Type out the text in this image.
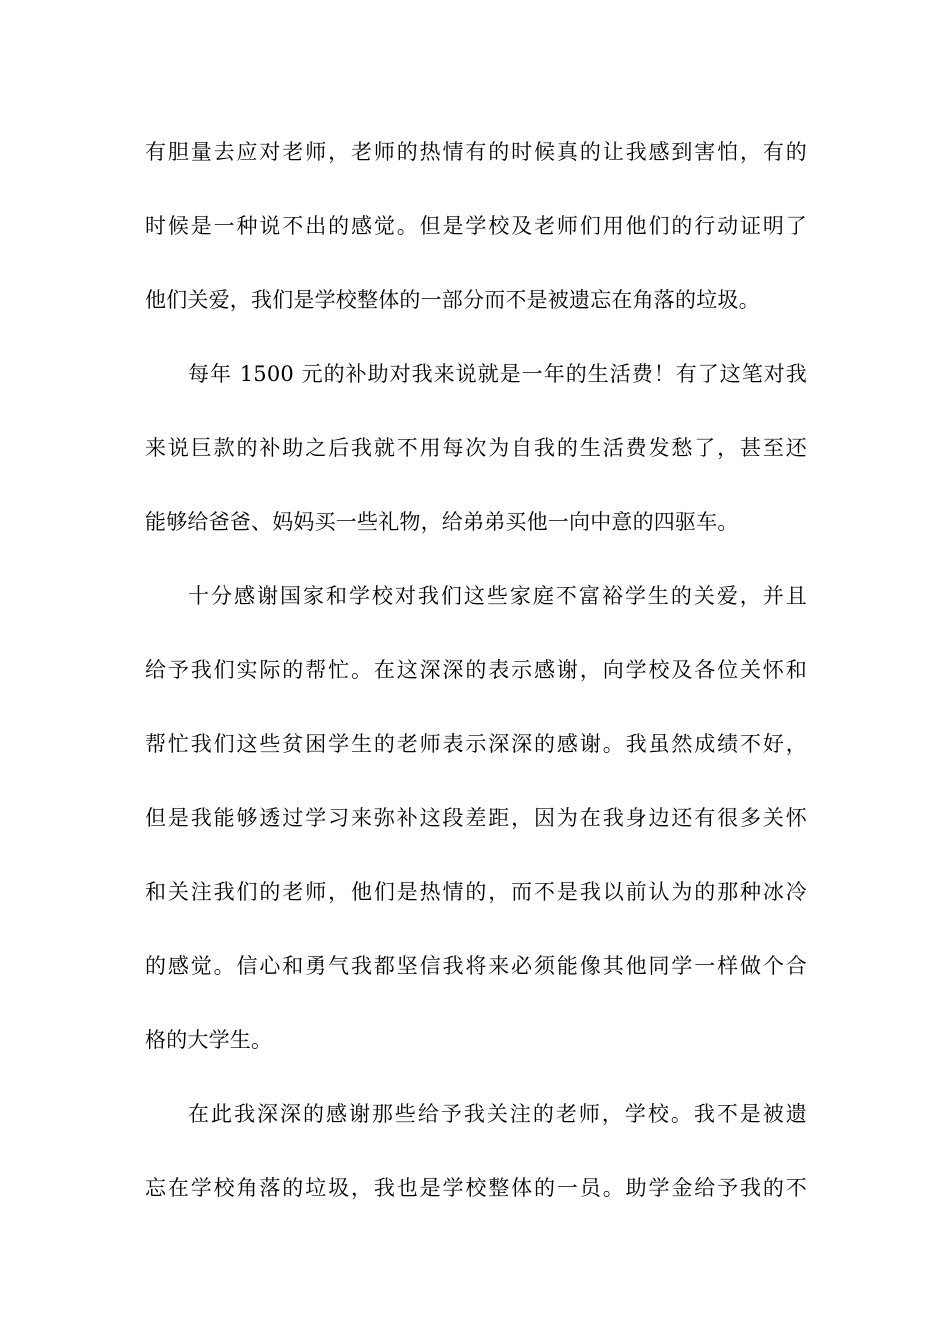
有胆量去应对老师，老师的热情有的时候真的让我感到害怕，有的
时候是一种说不出的感觉。但是学校及老师们用他们的行动证明了
他们关爱，我们是学校整体的一部分而不是被遗忘在角落的垃圾。
每年 1500 元的补助对我来说就是一年的生活费！有了这笔对我
来说巨款的补助之后我就不用每次为自我的生活费发愁了，甚至还
能够给爸爸、妈妈买一些礼物，给弟弟买他一向中意的四驱车。
十分感谢国家和学校对我们这些家庭不富裕学生的关爱，并且
给予我们实际的帮忙。在这深深的表示感谢，向学校及各位关怀和
帮忙我们这些贫困学生的老师表示深深的感谢。我虽然成绩不好，
但是我能够透过学习来弥补这段差距，因为在我身边还有很多关怀
和关注我们的老师，他们是热情的，而不是我以前认为的那种冰冷
的感觉。信心和勇气我都坚信我将来必须能像其他同学一样做个合
格的大学生。
在此我深深的感谢那些给予我关注的老师，学校。我不是被遗
忘在学校角落的垃圾，我也是学校整体的一员。助学金给予我的不
